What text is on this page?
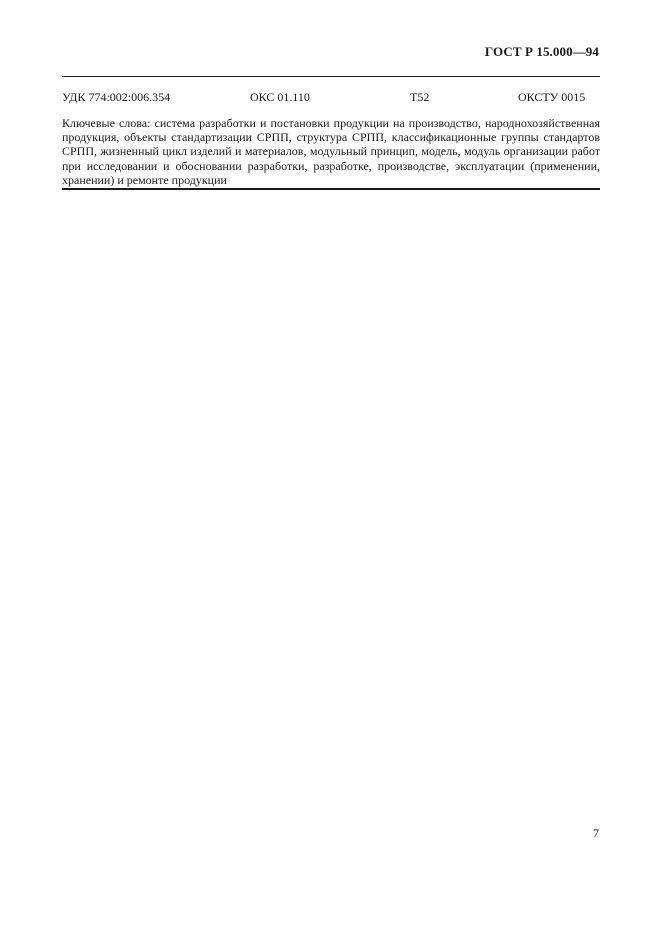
ГОСТ Р 15.000—94
УДК 774:002:006.354	ОКС 01.110	Т52	ОКСТУ 0015
Ключевые слова: система разработки и постановки продукции на производство, народнохозяйственная продукция, объекты стандартизации СРПП, структура СРПП, классификационные группы стандартов СРПП, жизненный цикл изделий и материалов, модульный принцип, модель, модуль организации работ при исследовании и обосновании разработки, разработке, производстве, эксплуатации (применении, хранении) и ремонте продукции
7
